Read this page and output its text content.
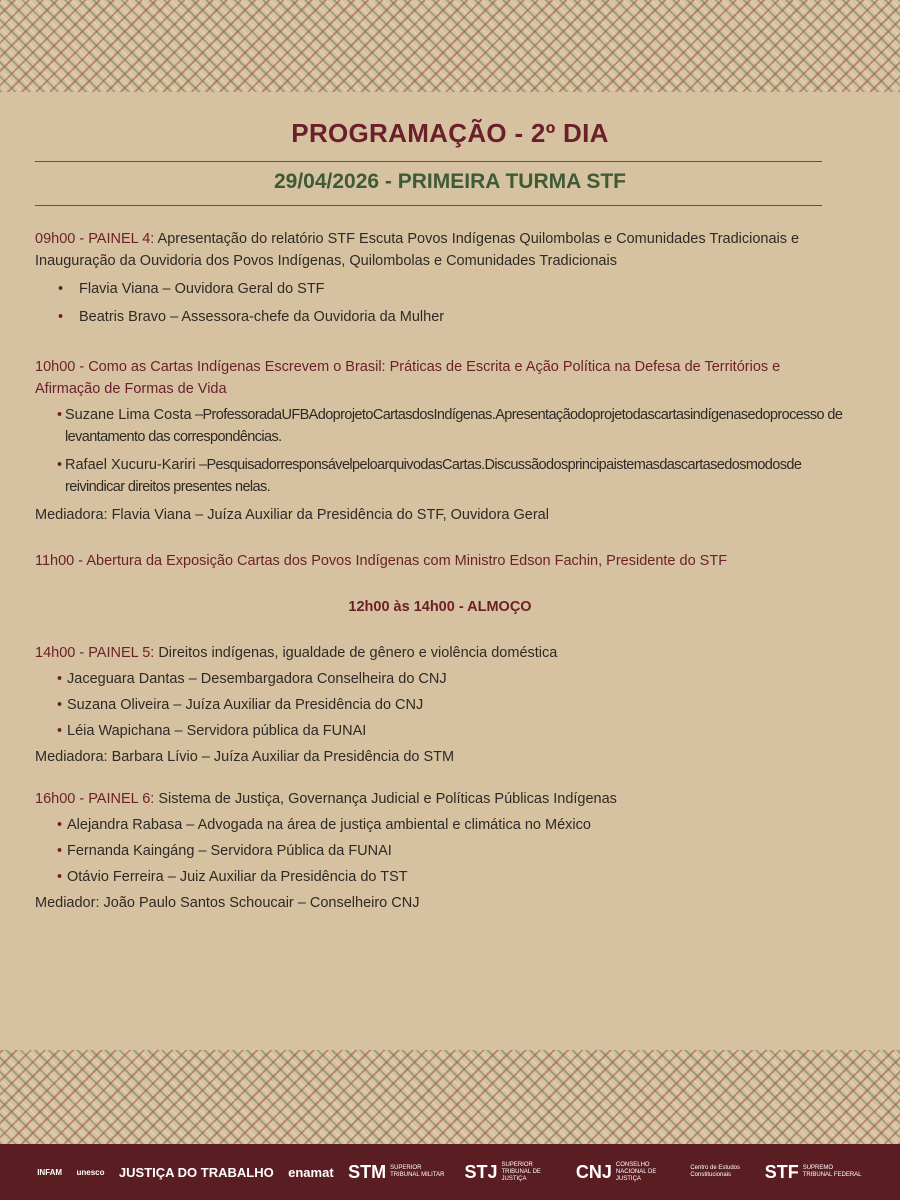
PROGRAMAÇÃO - 2º DIA
29/04/2026 - PRIMEIRA TURMA STF

09h00 - PAINEL 4: Apresentação do relatório STF Escuta Povos Indígenas Quilombolas e Comunidades Tradicionais e Inauguração da Ouvidoria dos Povos Indígenas, Quilombolas e Comunidades Tradicionais

• Flavia Viana – Ouvidora Geral do STF
• Beatris Bravo – Assessora-chefe da Ouvidoria da Mulher

10h00 - Como as Cartas Indígenas Escrevem o Brasil: Práticas de Escrita e Ação Política na Defesa de Territórios e Afirmação de Formas de Vida

• Suzane Lima Costa –ProfessoradaUFBAdoprojetoCartasdosIndígenas.Apresentaçãodoprojetodascartasindígenasedoprocesso de levantamento das correspondências.
• Rafael Xucuru-Kariri –PesquisadorresponsávelpeloarquivodasCartas.Discussãodosprincipaistemasdascartasedosmodosde reivindicar direitos presentes nelas.

Mediadora: Flavia Viana – Juíza Auxiliar da Presidência do STF, Ouvidora Geral

11h00 - Abertura da Exposição Cartas dos Povos Indígenas com Ministro Edson Fachin, Presidente do STF

12h00 às 14h00 - ALMOÇO

14h00 - PAINEL 5: Direitos indígenas, igualdade de gênero e violência doméstica

• Jaceguara Dantas – Desembargadora Conselheira do CNJ
• Suzana Oliveira – Juíza Auxiliar da Presidência do CNJ
• Léia Wapichana – Servidora pública da FUNAI

Mediadora: Barbara Lívio – Juíza Auxiliar da Presidência do STM

16h00 - PAINEL 6: Sistema de Justiça, Governança Judicial e Políticas Públicas Indígenas

• Alejandra Rabasa – Advogada na área de justiça ambiental e climática no México
• Fernanda Kaingáng – Servidora Pública da FUNAI
• Otávio Ferreira – Juiz Auxiliar da Presidência do TST

Mediador: João Paulo Santos Schoucair – Conselheiro CNJ

INFAM unesco JUSTIÇA DO TRABALHO enamat STM SUPERIOR TRIBUNAL MILITAR	STJ SUPERIOR TRIBUNAL DE JUSTIÇA	CNJ CONSELHO NACIONAL DE JUSTIÇA
Centro de Estudos Constitucionais	STF SUPREMO TRIBUNAL FEDERAL
